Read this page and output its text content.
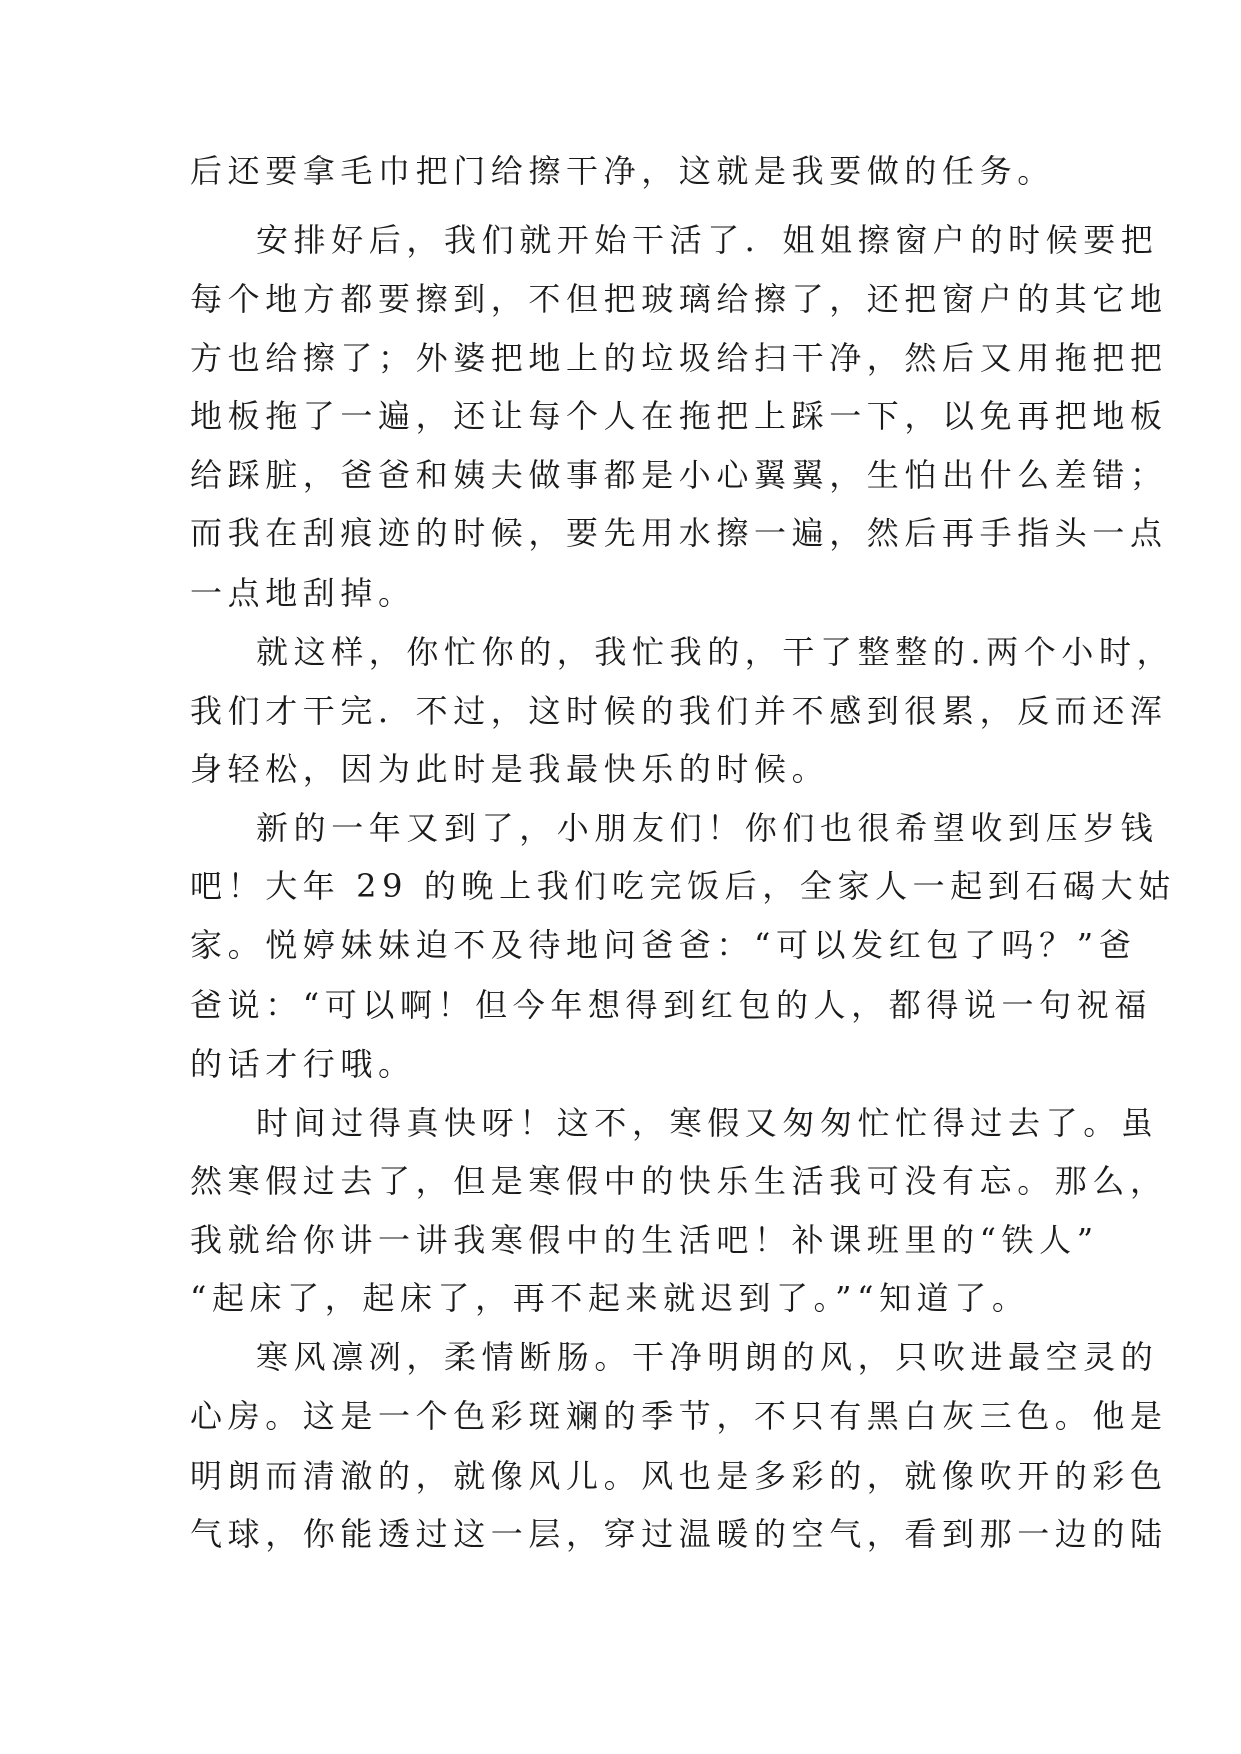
后还要拿毛巾把门给擦干净，这就是我要做的任务。
安排好后，我们就开始干活了．姐姐擦窗户的时候要把
每个地方都要擦到，不但把玻璃给擦了，还把窗户的其它地
方也给擦了；外婆把地上的垃圾给扫干净，然后又用拖把把
地板拖了一遍，还让每个人在拖把上踩一下，以免再把地板
给踩脏，爸爸和姨夫做事都是小心翼翼，生怕出什么差错；
而我在刮痕迹的时候，要先用水擦一遍，然后再手指头一点
一点地刮掉。
就这样，你忙你的，我忙我的，干了整整的.两个小时，
我们才干完．不过，这时候的我们并不感到很累，反而还浑
身轻松，因为此时是我最快乐的时候。
新的一年又到了，小朋友们！你们也很希望收到压岁钱
吧！大年 29 的晚上我们吃完饭后，全家人一起到石碣大姑
家。悦婷妹妹迫不及待地问爸爸：“可以发红包了吗？”爸
爸说：“可以啊！但今年想得到红包的人，都得说一句祝福
的话才行哦。
时间过得真快呀！这不，寒假又匆匆忙忙得过去了。虽
然寒假过去了，但是寒假中的快乐生活我可没有忘。那么，
我就给你讲一讲我寒假中的生活吧！补课班里的“铁人”
“起床了，起床了，再不起来就迟到了。”“知道了。
寒风凛冽，柔情断肠。干净明朗的风，只吹进最空灵的
心房。这是一个色彩斑斓的季节，不只有黑白灰三色。他是
明朗而清澈的，就像风儿。风也是多彩的，就像吹开的彩色
气球，你能透过这一层，穿过温暖的空气，看到那一边的陆
